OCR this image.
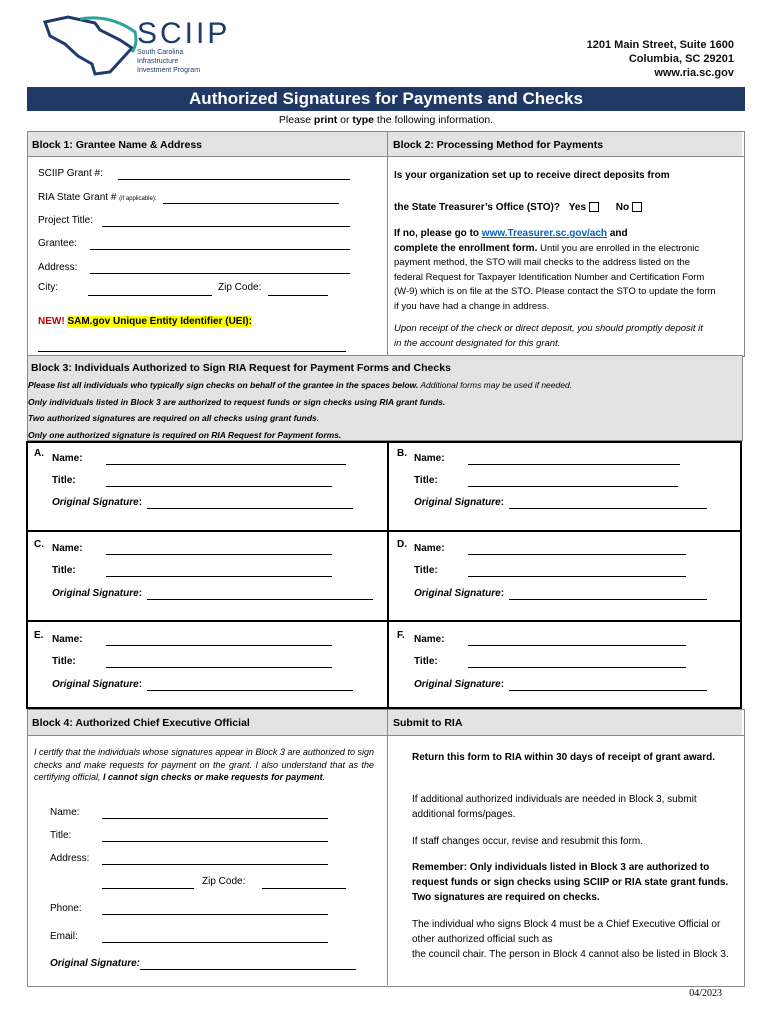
SCIIP
South Carolina
Infrastructure
Investment Program
1201 Main Street, Suite 1600
Columbia, SC 29201
www.ria.sc.gov
Authorized Signatures for Payments and Checks
Please print or type the following information.
Block 1: Grantee Name & Address	Block 2: Processing Method for Payments
SCIIP Grant #:
RIA State Grant # (if applicable):
Project Title:
Grantee:
Address:
City:	Zip Code:
NEW! SAM.gov Unique Entity Identifier (UEI):
Is your organization set up to receive direct deposits from
the State Treasurer’s Office (STO)? Yes	No
If no, please go to www.Treasurer.sc.gov/ach and
complete the enrollment form. Until you are enrolled in the electronic payment method, the STO will mail checks to the address listed on the federal Request for Taxpayer Identification Number and Certification Form (W-9) which is on file at the STO. Please contact the STO to update the form if you have had a change in address.
Upon receipt of the check or direct deposit, you should promptly deposit it in the account designated for this grant.
Block 3: Individuals Authorized to Sign RIA Request for Payment Forms and Checks
Please list all individuals who typically sign checks on behalf of the grantee in the spaces below. Additional forms may be used if needed.
Only individuals listed in Block 3 are authorized to request funds or sign checks using RIA grant funds.
Two authorized signatures are required on all checks using grant funds.
Only one authorized signature is required on RIA Request for Payment forms.
A. Name:
Title:
Original Signature:
B. Name:
Title:
Original Signature:
C. Name:
Title:
Original Signature:
D. Name:
Title:
Original Signature:
E. Name:
Title:
Original Signature:
F. Name:
Title:
Original Signature:
Block 4: Authorized Chief Executive Official	Submit to RIA
I certify that the individuals whose signatures appear in Block 3 are authorized to sign checks and make requests for payment on the grant. I also understand that as the certifying official, I cannot sign checks or make requests for payment.
Name:
Title:
Address:
Zip Code:
Phone:
Email:
Original Signature:
Return this form to RIA within 30 days of receipt of grant award.
If additional authorized individuals are needed in Block 3, submit additional forms/pages.
If staff changes occur, revise and resubmit this form.
Remember: Only individuals listed in Block 3 are authorized to request funds or sign checks using SCIIP or RIA state grant funds. Two signatures are required on checks.
The individual who signs Block 4 must be a Chief Executive Official or other authorized official such as
the council chair. The person in Block 4 cannot also be listed in Block 3.
04/2023
